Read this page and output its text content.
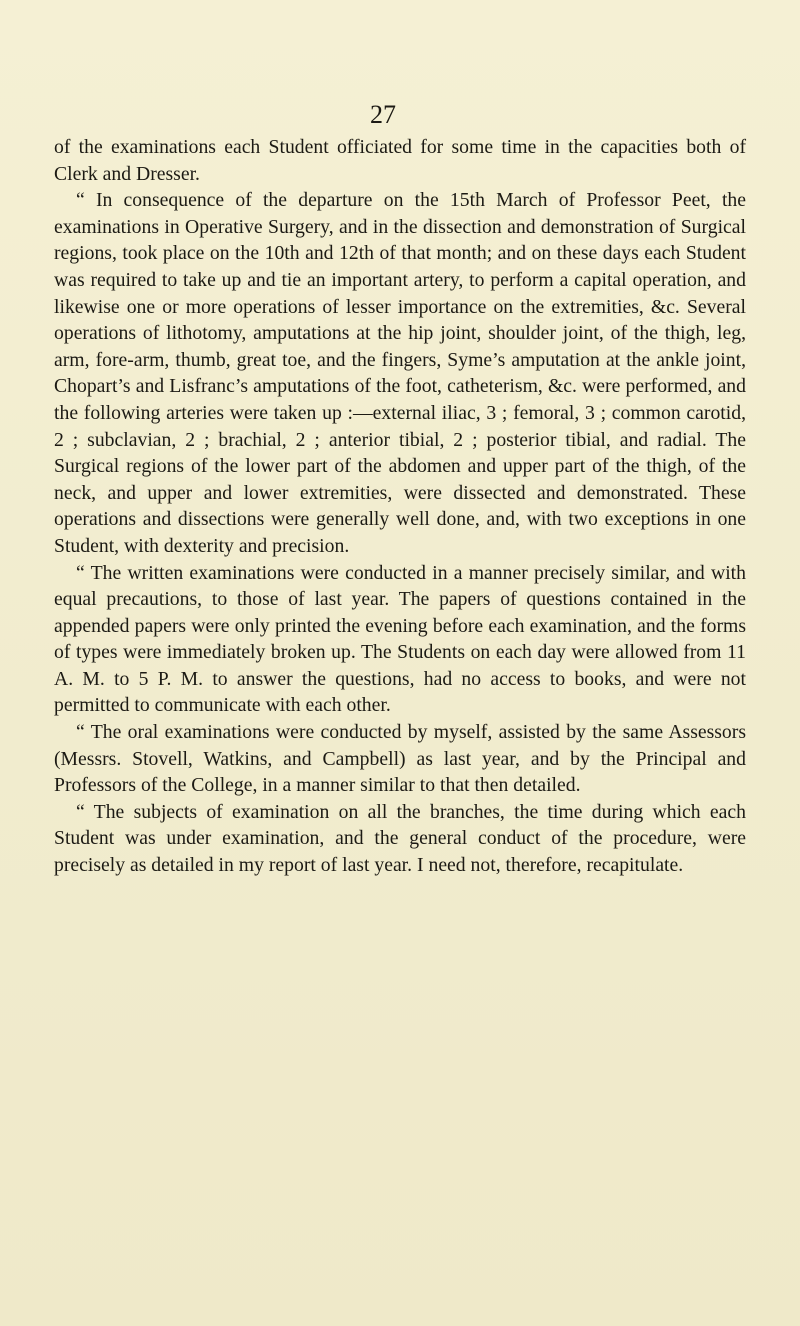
27

of the examinations each Student officiated for some time in the capacities both of Clerk and Dresser.

“ In consequence of the departure on the 15th March of Professor Peet, the examinations in Operative Surgery, and in the dissection and demonstration of Surgical regions, took place on the 10th and 12th of that month; and on these days each Student was required to take up and tie an important artery, to perform a capital operation, and likewise one or more operations of lesser importance on the extremities, &c. Several operations of lithotomy, amputations at the hip joint, shoulder joint, of the thigh, leg, arm, fore-arm, thumb, great toe, and the fingers, Syme’s amputation at the ankle joint, Chopart’s and Lisfranc’s amputations of the foot, catheterism, &c. were performed, and the following arteries were taken up :—external iliac, 3 ; femoral, 3 ; common carotid, 2 ; subclavian, 2 ; brachial, 2 ; anterior tibial, 2 ; posterior tibial, and radial. The Surgical regions of the lower part of the abdomen and upper part of the thigh, of the neck, and upper and lower extremities, were dissected and demonstrated. These operations and dissections were generally well done, and, with two exceptions in one Student, with dexterity and precision.

“ The written examinations were conducted in a manner precisely similar, and with equal precautions, to those of last year. The papers of questions contained in the appended papers were only printed the evening before each examination, and the forms of types were immediately broken up. The Students on each day were allowed from 11 A. M. to 5 P. M. to answer the questions, had no access to books, and were not permitted to communicate with each other.

“ The oral examinations were conducted by myself, assisted by the same Assessors (Messrs. Stovell, Watkins, and Campbell) as last year, and by the Principal and Professors of the College, in a manner similar to that then detailed.

“ The subjects of examination on all the branches, the time during which each Student was under examination, and the general conduct of the procedure, were precisely as detailed in my report of last year. I need not, therefore, recapitulate.
